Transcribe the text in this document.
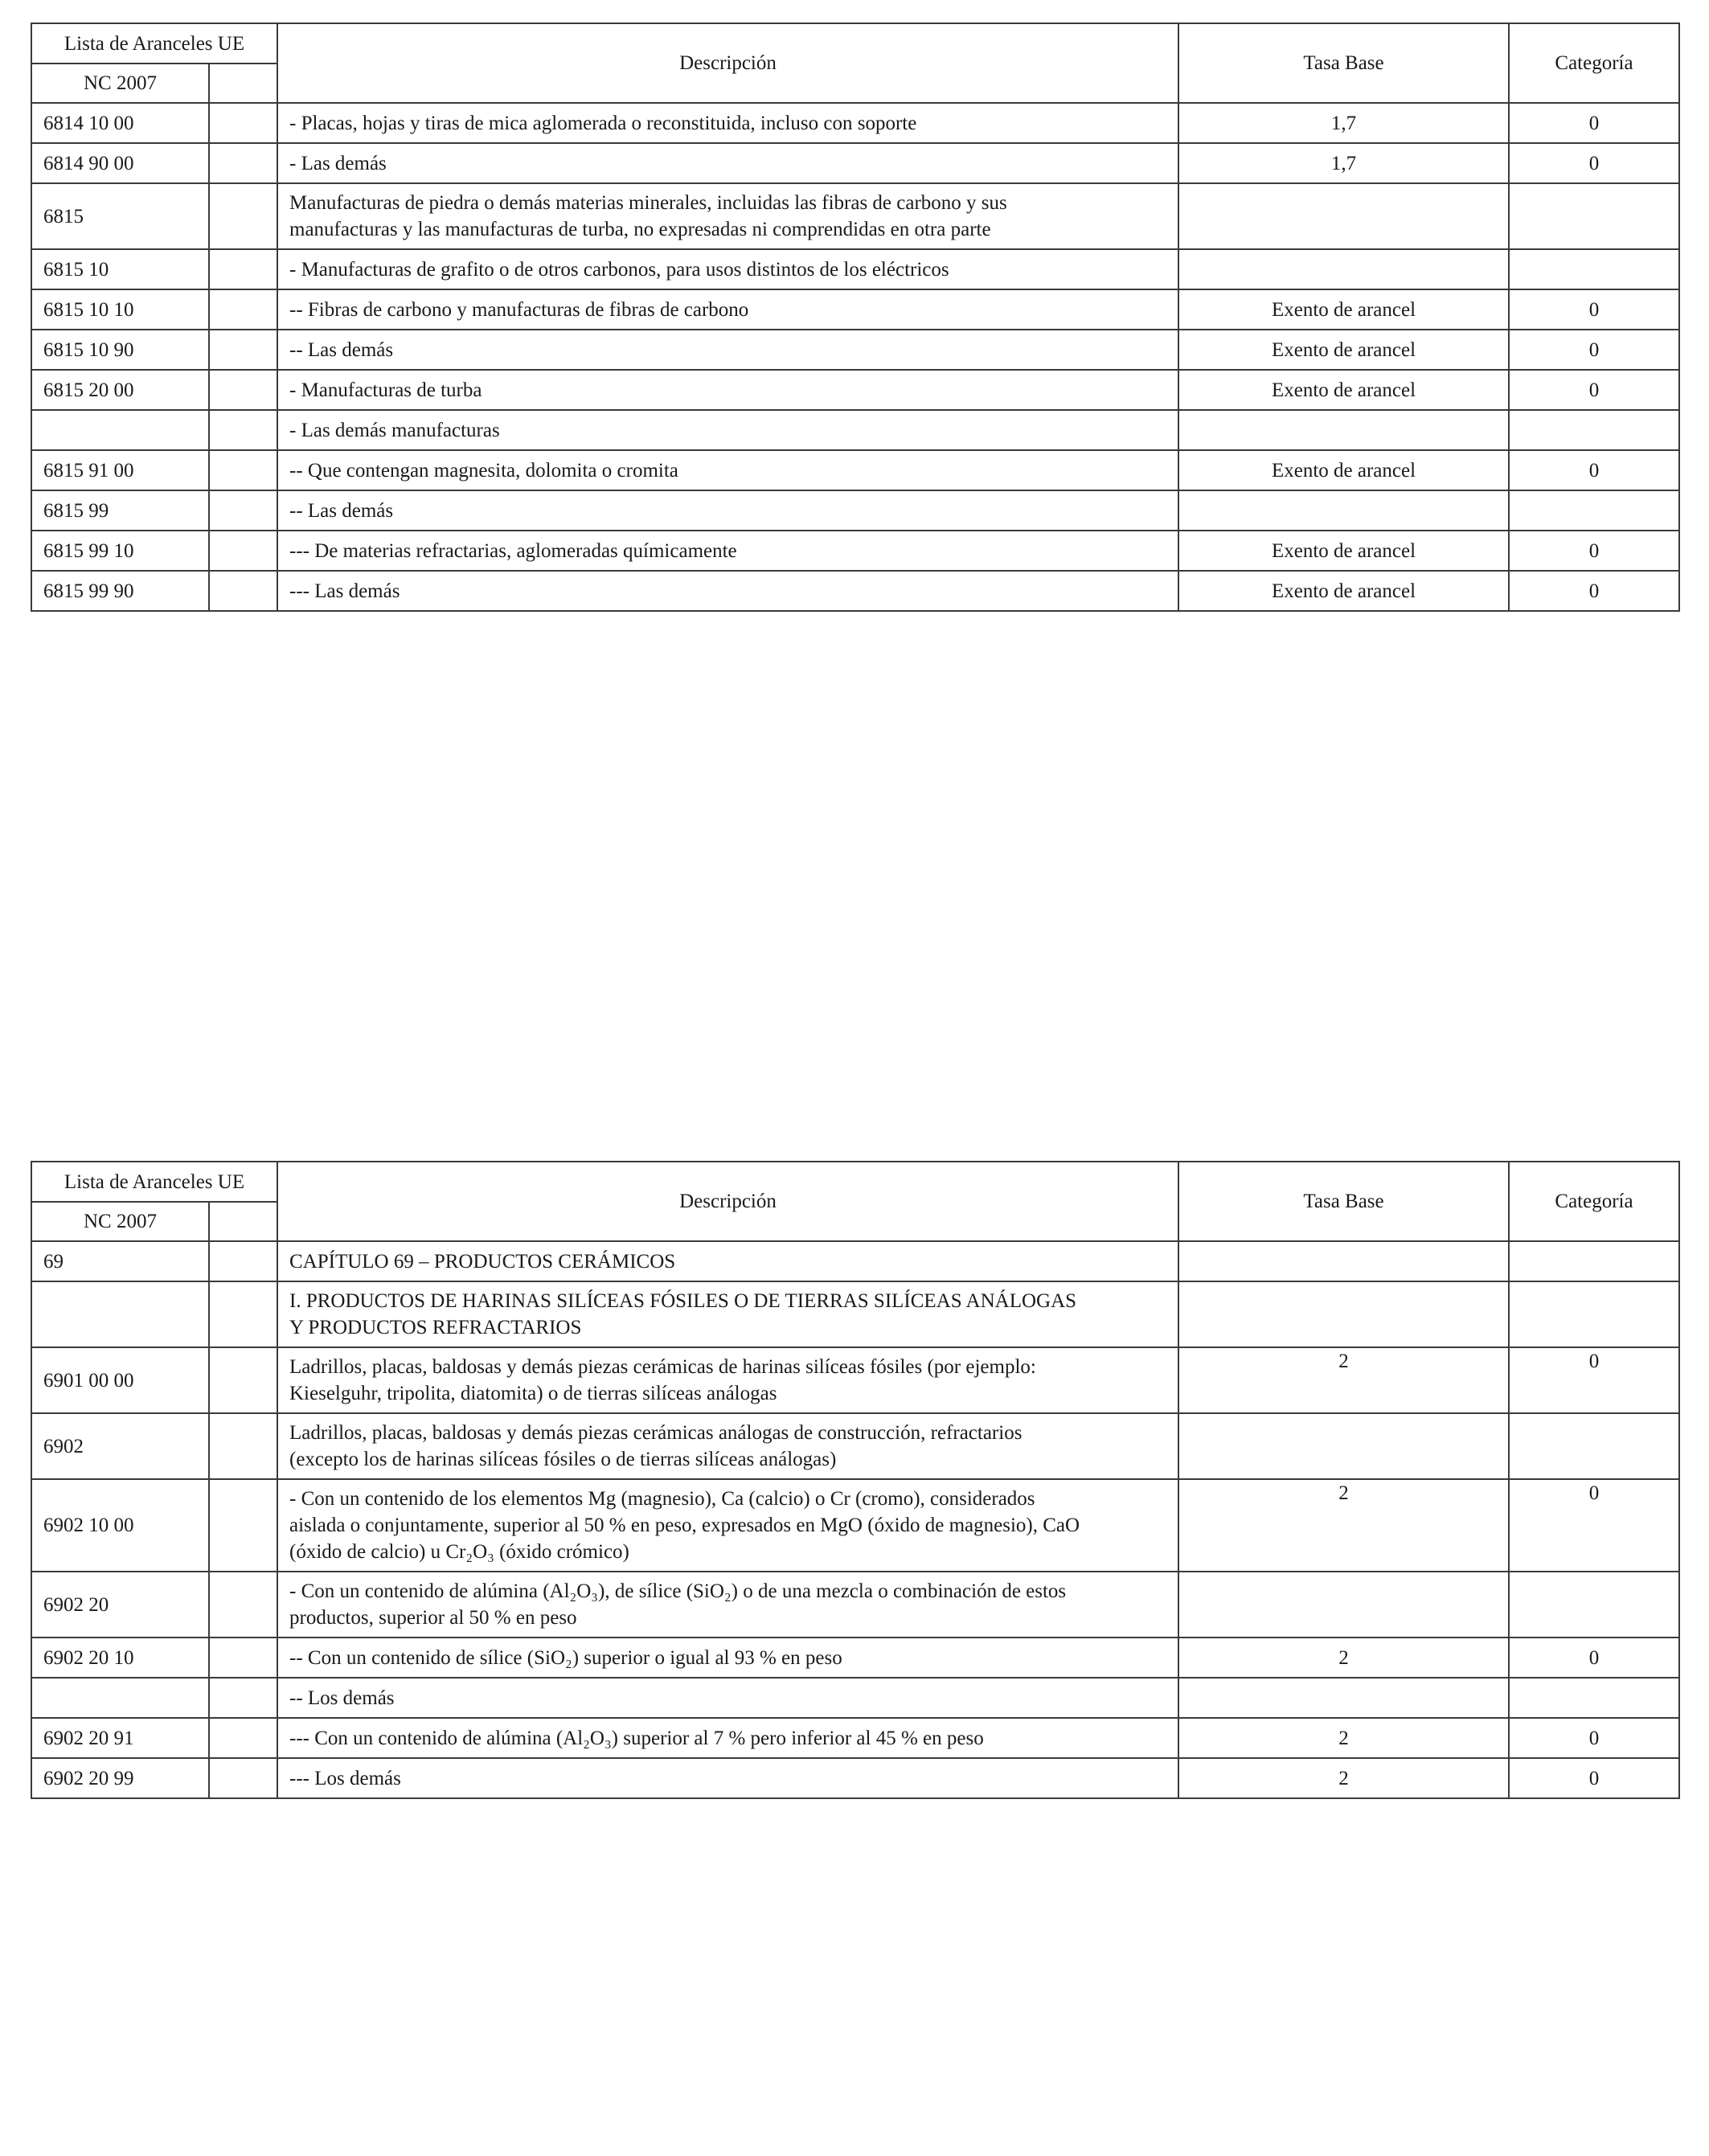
Lista de Aranceles UE		Descripción	Tasa Base	Categoría
NC 2007				
6814 10 00		- Placas, hojas y tiras de mica aglomerada o reconstituida, incluso con soporte	1,7	0
6814 90 00		- Las demás	1,7	0
6815		Manufacturas de piedra o demás materias minerales, incluidas las fibras de carbono y sus
manufacturas y las manufacturas de turba, no expresadas ni comprendidas en otra parte		

6815 10		- Manufacturas de grafito o de otros carbonos, para usos distintos de los eléctricos		

6815 10 10		-- Fibras de carbono y manufacturas de fibras de carbono	Exento de arancel	0
6815 10 90		-- Las demás	Exento de arancel	0
6815 20 00		- Manufacturas de turba	Exento de arancel	0

		- Las demás manufacturas		

6815 91 00		-- Que contengan magnesita, dolomita o cromita	Exento de arancel	0
6815 99		-- Las demás		

6815 99 10		--- De materias refractarias, aglomeradas químicamente	Exento de arancel	0
6815 99 90		--- Las demás	Exento de arancel	0
Lista de Aranceles UE		Descripción	Tasa Base	Categoría
NC 2007				
69		CAPÍTULO 69 – PRODUCTOS CERÁMICOS		

		I. PRODUCTOS DE HARINAS SILÍCEAS FÓSILES O DE TIERRAS SILÍCEAS ANÁLOGAS
Y PRODUCTOS REFRACTARIOS		

6901 00 00		Ladrillos, placas, baldosas y demás piezas cerámicas de harinas silíceas fósiles (por ejemplo:
Kieselguhr, tripolita, diatomita) o de tierras silíceas análogas	2	0
6902		Ladrillos, placas, baldosas y demás piezas cerámicas análogas de construcción, refractarios
(excepto los de harinas silíceas fósiles o de tierras silíceas análogas)		

6902 10 00		- Con un contenido de los elementos Mg (magnesio), Ca (calcio) o Cr (cromo), considerados
aislada o conjuntamente, superior al 50 % en peso, expresados en MgO (óxido de magnesio), CaO
(óxido de calcio) u Cr₂O₃ (óxido crómico)	2	0
6902 20		- Con un contenido de alúmina (Al₂O₃), de sílice (SiO₂) o de una mezcla o combinación de estos
productos, superior al 50 % en peso		

6902 20 10		-- Con un contenido de sílice (SiO₂) superior o igual al 93 % en peso	2	0

		-- Los demás		

6902 20 91		--- Con un contenido de alúmina (Al₂O₃) superior al 7 % pero inferior al 45 % en peso	2	0
6902 20 99		--- Los demás	2	0
